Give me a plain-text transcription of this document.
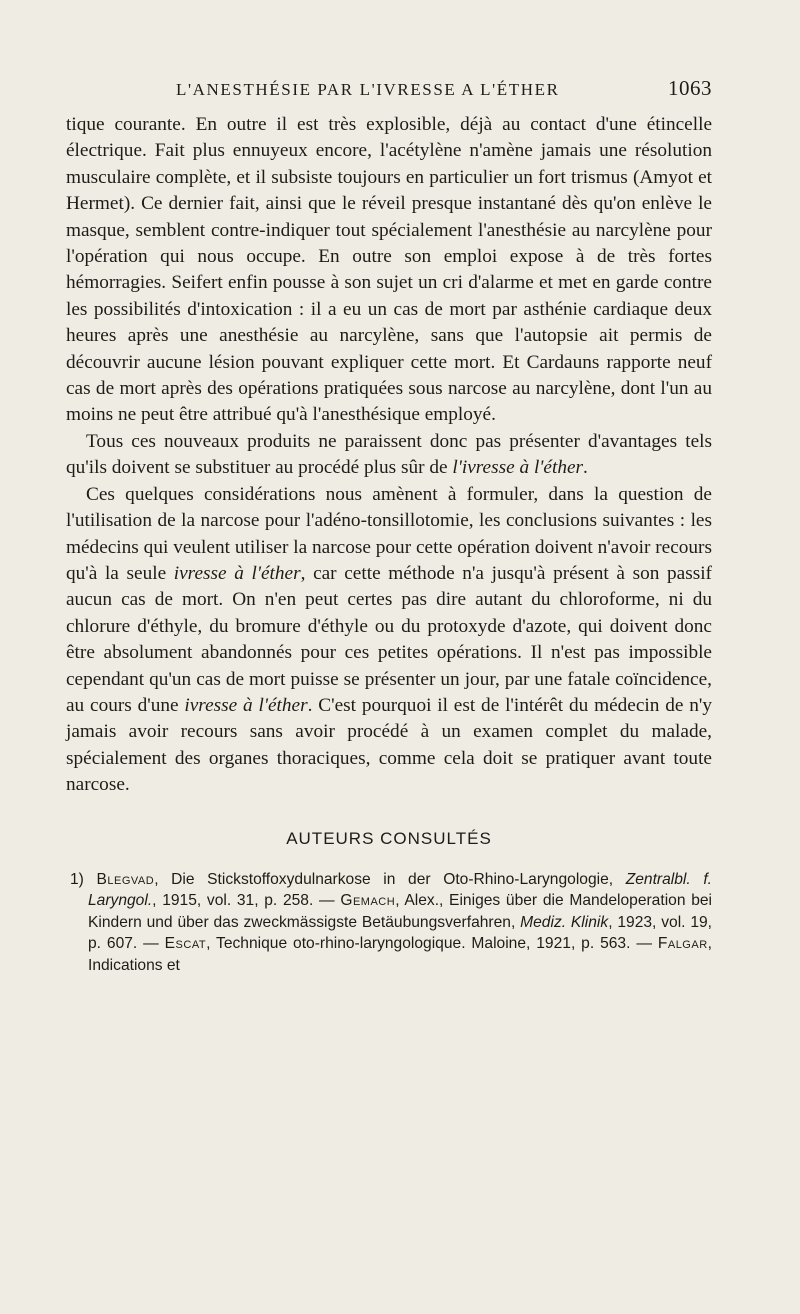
L'ANESTHÉSIE PAR L'IVRESSE A L'ÉTHER	1063

tique courante. En outre il est très explosible, déjà au contact d'une étincelle électrique. Fait plus ennuyeux encore, l'acétylène n'amène jamais une résolution musculaire complète, et il subsiste toujours en particulier un fort trismus (Amyot et Hermet). Ce dernier fait, ainsi que le réveil presque instantané dès qu'on enlève le masque, semblent contre-indiquer tout spécialement l'anesthésie au narcylène pour l'opération qui nous occupe. En outre son emploi expose à de très fortes hémorragies. Seifert enfin pousse à son sujet un cri d'alarme et met en garde contre les possibilités d'intoxication : il a eu un cas de mort par asthénie cardiaque deux heures après une anesthésie au narcylène, sans que l'autopsie ait permis de découvrir aucune lésion pouvant expliquer cette mort. Et Cardauns rapporte neuf cas de mort après des opérations pratiquées sous narcose au narcylène, dont l'un au moins ne peut être attribué qu'à l'anesthésique employé.

Tous ces nouveaux produits ne paraissent donc pas présenter d'avantages tels qu'ils doivent se substituer au procédé plus sûr de l'ivresse à l'éther.

Ces quelques considérations nous amènent à formuler, dans la question de l'utilisation de la narcose pour l'adéno-tonsillotomie, les conclusions suivantes : les médecins qui veulent utiliser la narcose pour cette opération doivent n'avoir recours qu'à la seule ivresse à l'éther, car cette méthode n'a jusqu'à présent à son passif aucun cas de mort. On n'en peut certes pas dire autant du chloroforme, ni du chlorure d'éthyle, du bromure d'éthyle ou du protoxyde d'azote, qui doivent donc être absolument abandonnés pour ces petites opérations. Il n'est pas impossible cependant qu'un cas de mort puisse se présenter un jour, par une fatale coïncidence, au cours d'une ivresse à l'éther. C'est pourquoi il est de l'intérêt du médecin de n'y jamais avoir recours sans avoir procédé à un examen complet du malade, spécialement des organes thoraciques, comme cela doit se pratiquer avant toute narcose.

AUTEURS CONSULTÉS

1) Blegvad, Die Stickstoffoxydulnarkose in der Oto-Rhino-Laryngologie, Zentralbl. f. Laryngol., 1915, vol. 31, p. 258. — Gemach, Alex., Einiges über die Mandeloperation bei Kindern und über das zweckmässigste Betäubungsverfahren, Mediz. Klinik, 1923, vol. 19, p. 607. — Escat, Technique oto-rhino-laryngologique. Maloine, 1921, p. 563. — Falgar, Indications et
